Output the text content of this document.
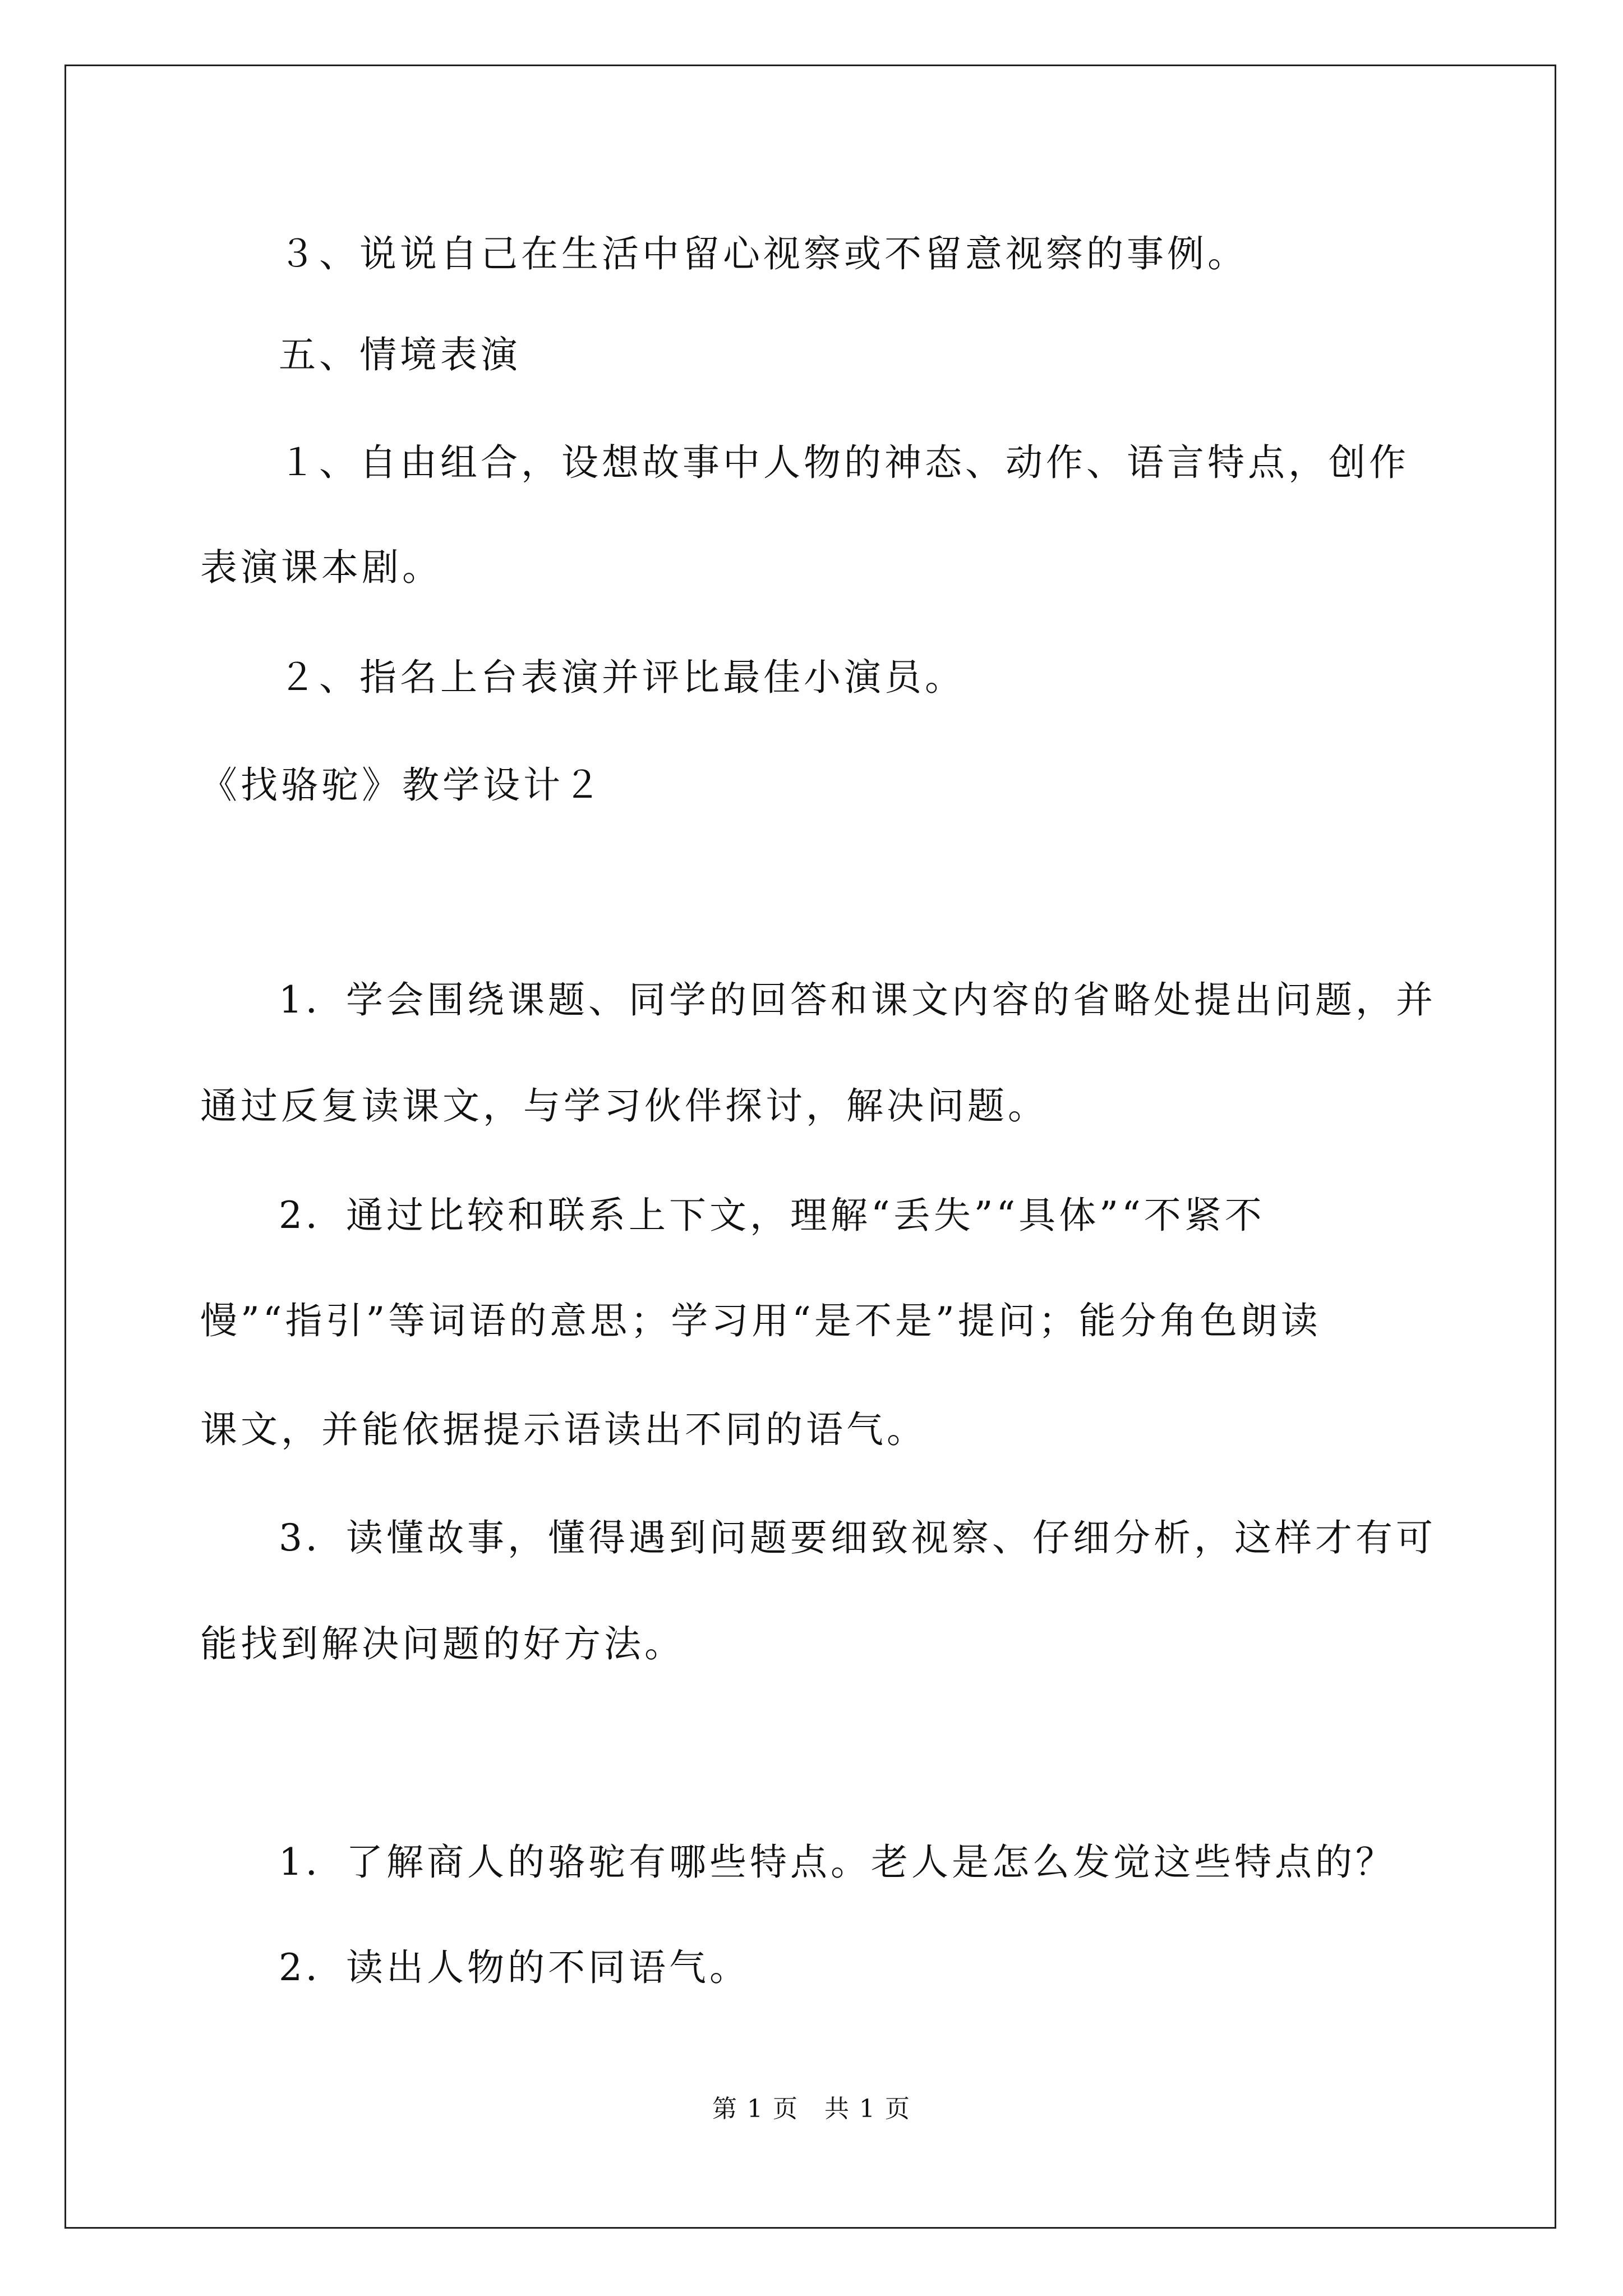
３、说说自己在生活中留心视察或不留意视察的事例。
五、情境表演
１、自由组合，设想故事中人物的神态、动作、语言特点，创作
表演课本剧。
２、指名上台表演并评比最佳小演员。
《找骆驼》教学设计２
1．学会围绕课题、同学的回答和课文内容的省略处提出问题，并
通过反复读课文，与学习伙伴探讨，解决问题。
2．通过比较和联系上下文，理解“丢失”“具体”“不紧不
慢”“指引”等词语的意思；学习用“是不是”提问；能分角色朗读
课文，并能依据提示语读出不同的语气。
3．读懂故事，懂得遇到问题要细致视察、仔细分析，这样才有可
能找到解决问题的好方法。
1．了解商人的骆驼有哪些特点。老人是怎么发觉这些特点的？
2．读出人物的不同语气。
第 1 页　共 1 页
